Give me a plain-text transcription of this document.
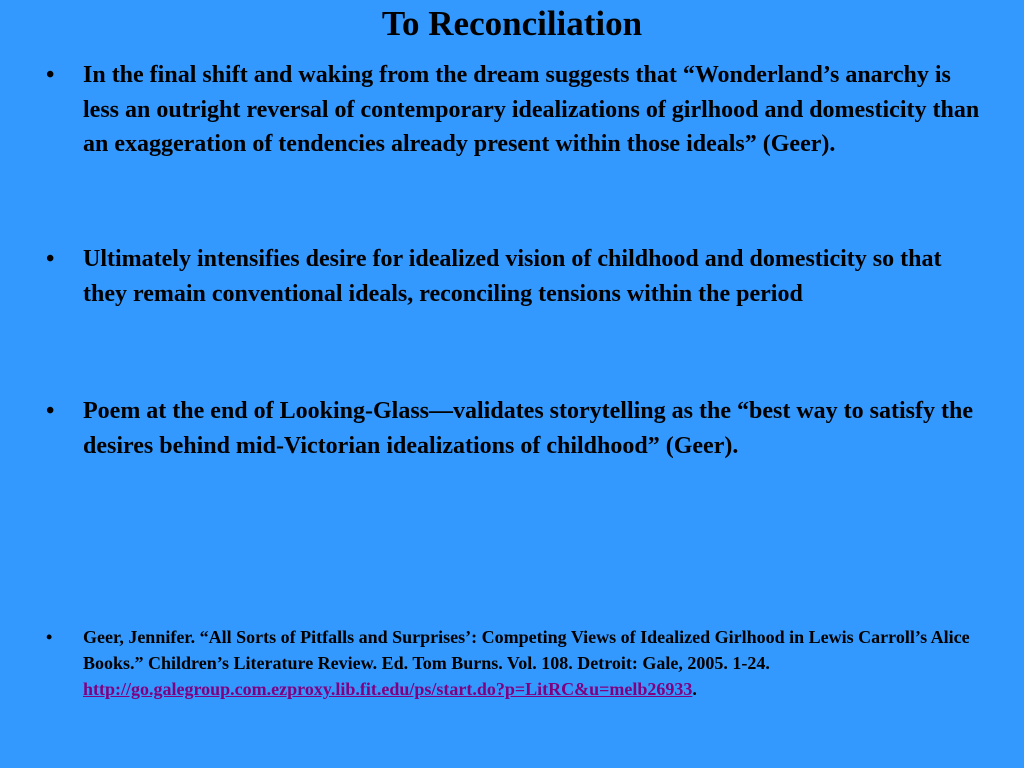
To Reconciliation
•	In the final shift and waking from the dream suggests that “Wonderland’s anarchy is less an outright reversal of contemporary idealizations of girlhood and domesticity than an exaggeration of tendencies already present within those ideals” (Geer).
•	Ultimately intensifies desire for idealized vision of childhood and domesticity so that they remain conventional ideals, reconciling tensions within the period
•	Poem at the end of Looking-Glass—validates storytelling as the “best way to satisfy the desires behind mid-Victorian idealizations of childhood” (Geer).

•	Geer, Jennifer. “All Sorts of Pitfalls and Surprises’: Competing Views of Idealized Girlhood in Lewis Carroll’s Alice Books.” Children’s Literature Review. Ed. Tom Burns. Vol. 108. Detroit: Gale, 2005. 1-24.
http://go.galegroup.com.ezproxy.lib.fit.edu/ps/start.do?p=LitRC&u=melb26933.
